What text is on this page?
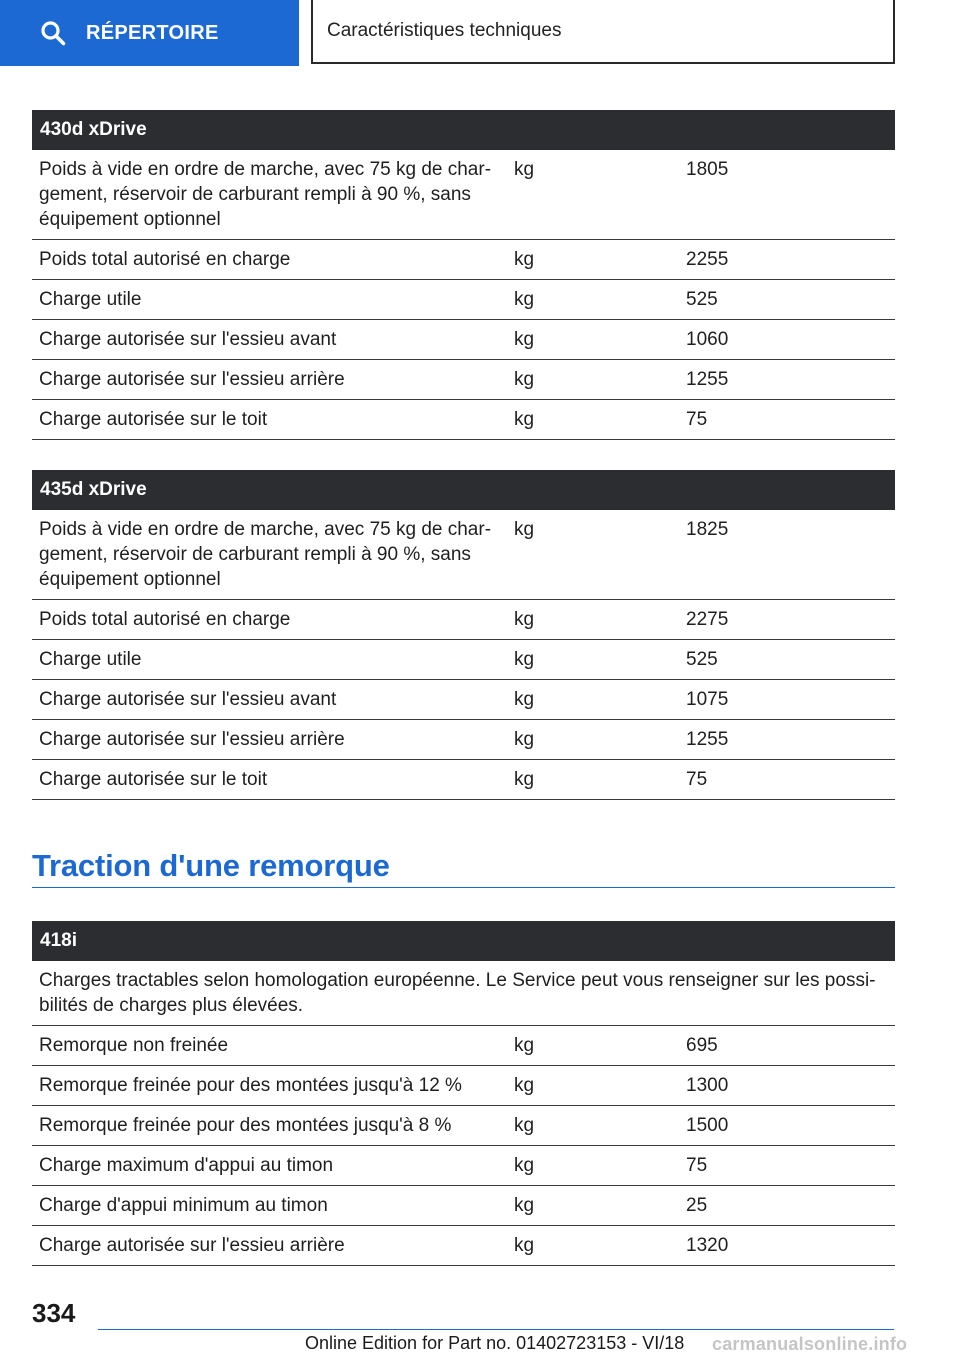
RÉPERTOIRE	Caractéristiques techniques
430d xDrive		
Poids à vide en ordre de marche, avec 75 kg de char-
gement, réservoir de carburant rempli à 90 %, sans
équipement optionnel	kg	1805
Poids total autorisé en charge	kg	2255
Charge utile	kg	525
Charge autorisée sur l'essieu avant	kg	1060
Charge autorisée sur l'essieu arrière	kg	1255
Charge autorisée sur le toit	kg	75
435d xDrive		
Poids à vide en ordre de marche, avec 75 kg de char-
gement, réservoir de carburant rempli à 90 %, sans
équipement optionnel	kg	1825
Poids total autorisé en charge	kg	2275
Charge utile	kg	525
Charge autorisée sur l'essieu avant	kg	1075
Charge autorisée sur l'essieu arrière	kg	1255
Charge autorisée sur le toit	kg	75
Traction d'une remorque
418i		
Charges tractables selon homologation européenne. Le Service peut vous renseigner sur les possi-
bilités de charges plus élevées.		
Remorque non freinée	kg	695
Remorque freinée pour des montées jusqu'à 12 %	kg	1300
Remorque freinée pour des montées jusqu'à 8 %	kg	1500
Charge maximum d'appui au timon	kg	75
Charge d'appui minimum au timon	kg	25
Charge autorisée sur l'essieu arrière	kg	1320
334
Online Edition for Part no. 01402723153 - VI/18 carmanualsonline.info
